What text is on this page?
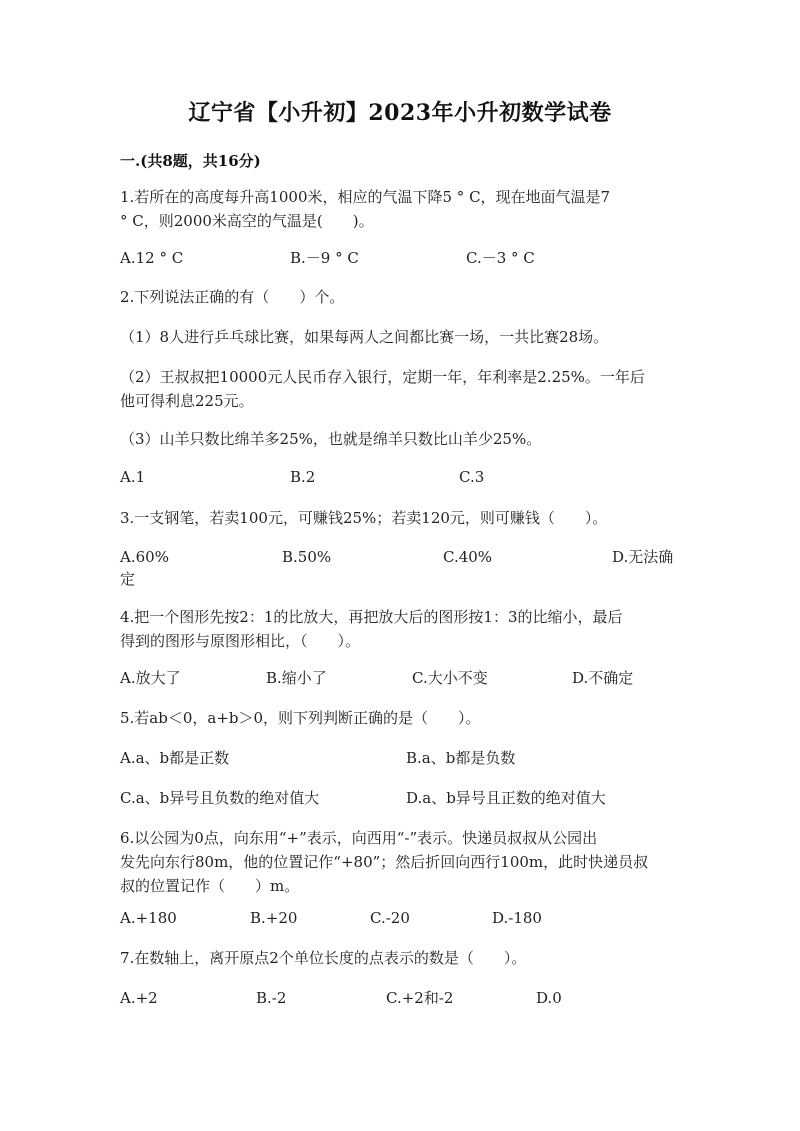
辽宁省【小升初】2023年小升初数学试卷
一.(共8题，共16分)
1.若所在的高度每升高1000米，相应的气温下降5 ° C，现在地面气温是7
° C，则2000米高空的气温是(　　)。
A.12 ° C	B.－9 ° C	C.－3 ° C
2.下列说法正确的有（　　）个。
（1）8人进行乒乓球比赛，如果每两人之间都比赛一场，一共比赛28场。
（2）王叔叔把10000元人民币存入银行，定期一年，年利率是2.25%。一年后
他可得利息225元。
（3）山羊只数比绵羊多25%，也就是绵羊只数比山羊少25%。
A.1	B.2	C.3
3.一支钢笔，若卖100元，可赚钱25%；若卖120元，则可赚钱（　　）。
A.60%	B.50%	C.40%	D.无法确
定
4.把一个图形先按2：1的比放大，再把放大后的图形按1：3的比缩小，最后
得到的图形与原图形相比，（　　）。
A.放大了	B.缩小了	C.大小不变	D.不确定
5.若ab＜0，a+b＞0，则下列判断正确的是（　　）。
A.a、b都是正数	B.a、b都是负数
C.a、b异号且负数的绝对值大	D.a、b异号且正数的绝对值大
6.以公园为0点，向东用“+”表示，向西用“-”表示。快递员叔叔从公园出
发先向东行80m，他的位置记作“+80”；然后折回向西行100m，此时快递员叔
叔的位置记作（　　）m。
A.+180	B.+20	C.-20	D.-180
7.在数轴上，离开原点2个单位长度的点表示的数是（　　）。
A.+2	B.-2	C.+2和-2	D.0
